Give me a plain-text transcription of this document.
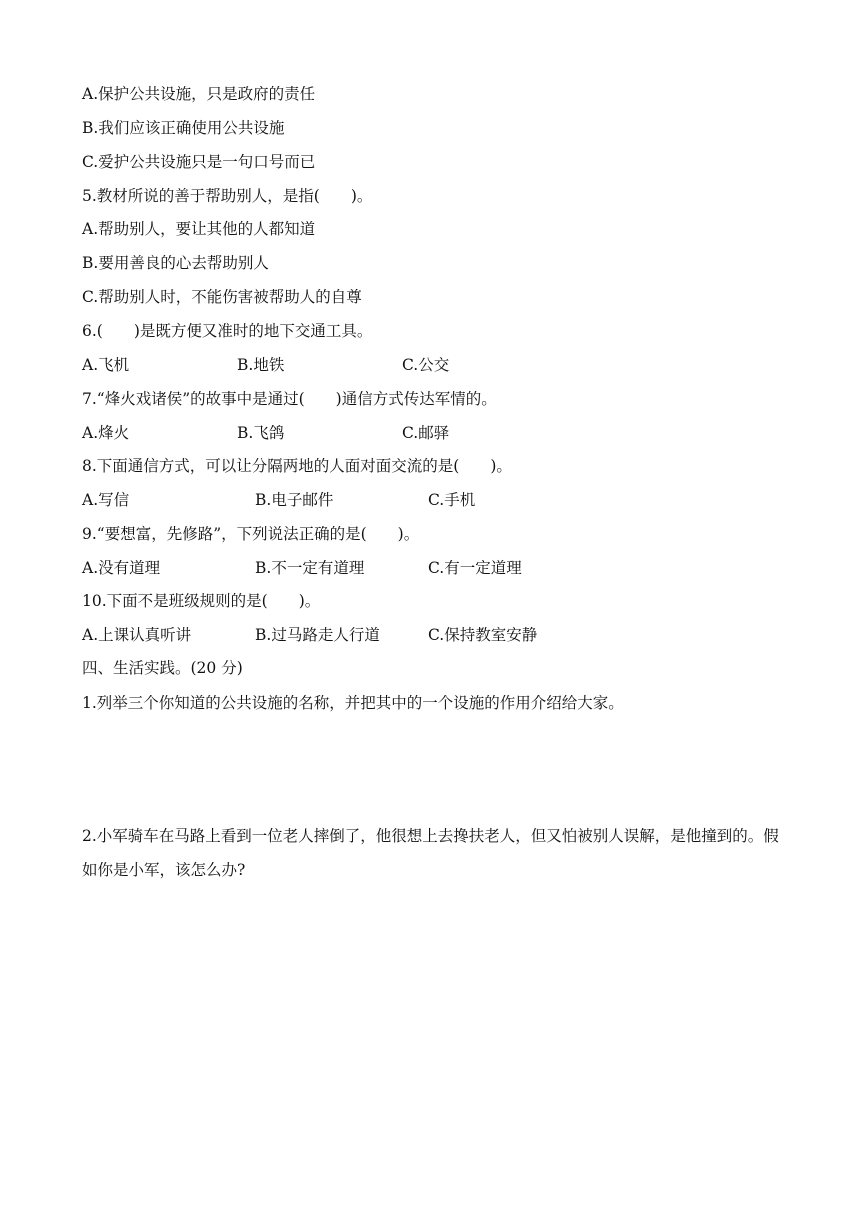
A.保护公共设施，只是政府的责任
B.我们应该正确使用公共设施
C.爱护公共设施只是一句口号而已
5.教材所说的善于帮助别人，是指(　　)。
A.帮助别人，要让其他的人都知道
B.要用善良的心去帮助别人
C.帮助别人时，不能伤害被帮助人的自尊
6.(　　)是既方便又准时的地下交通工具。
A.飞机	B.地铁	C.公交
7.“烽火戏诸侯”的故事中是通过(　　)通信方式传达军情的。
A.烽火	B.飞鸽	C.邮驿
8.下面通信方式，可以让分隔两地的人面对面交流的是(　　)。
A.写信	B.电子邮件	C.手机
9.“要想富，先修路”，下列说法正确的是(　　)。
A.没有道理	B.不一定有道理	C.有一定道理
10.下面不是班级规则的是(　　)。
A.上课认真听讲	B.过马路走人行道	C.保持教室安静
四、生活实践。(20 分)
1.列举三个你知道的公共设施的名称，并把其中的一个设施的作用介绍给大家。
2.小军骑车在马路上看到一位老人摔倒了，他很想上去搀扶老人，但又怕被别人误解，是他撞到的。假如你是小军，该怎么办?
